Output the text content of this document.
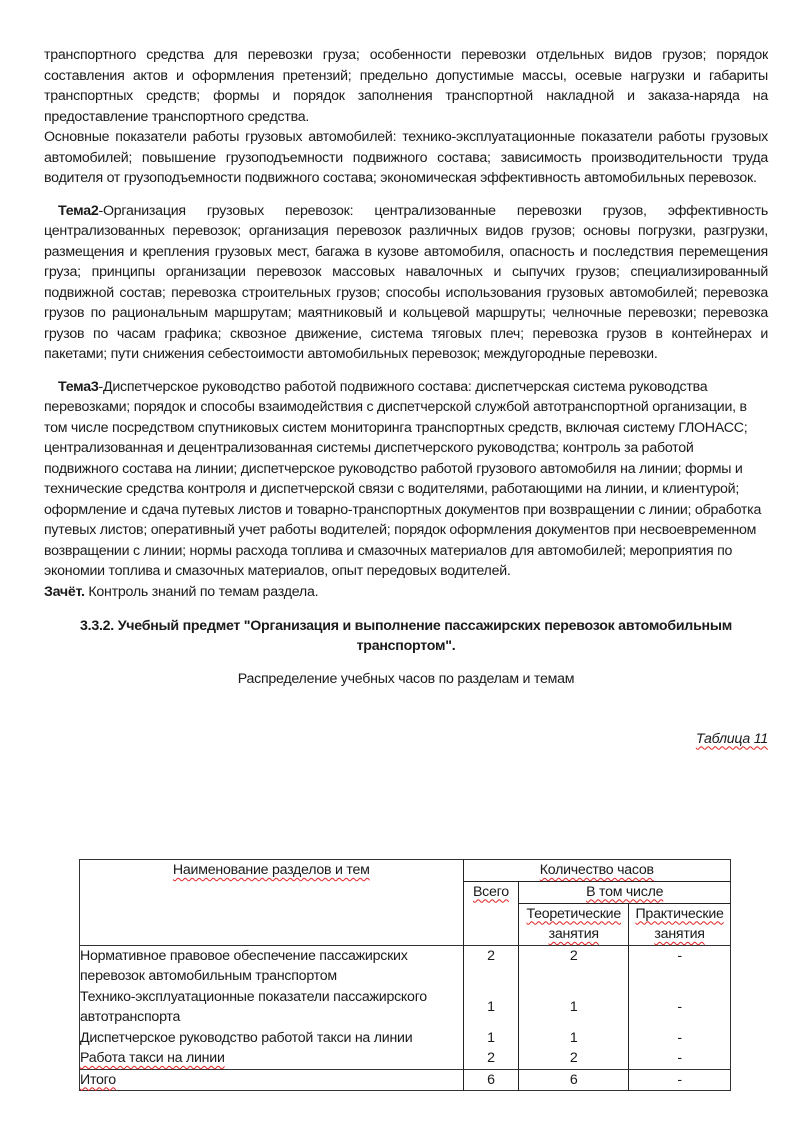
транспортного средства для перевозки груза; особенности перевозки отдельных видов грузов; порядок составления актов и оформления претензий; предельно допустимые массы, осевые нагрузки и габариты транспортных средств; формы и порядок заполнения транспортной накладной и заказа-наряда на предоставление транспортного средства.

Основные показатели работы грузовых автомобилей: технико-эксплуатационные показатели работы грузовых автомобилей; повышение грузоподъемности подвижного состава; зависимость производительности труда водителя от грузоподъемности подвижного состава; экономическая эффективность автомобильных перевозок.

Тема2-Организация грузовых перевозок: централизованные перевозки грузов, эффективность централизованных перевозок; организация перевозок различных видов грузов; основы погрузки, разгрузки, размещения и крепления грузовых мест, багажа в кузове автомобиля, опасность и последствия перемещения груза; принципы организации перевозок массовых навалочных и сыпучих грузов; специализированный подвижной состав; перевозка строительных грузов; способы использования грузовых автомобилей; перевозка грузов по рациональным маршрутам; маятниковый и кольцевой маршруты; челночные перевозки; перевозка грузов по часам графика; сквозное движение, система тяговых плеч; перевозка грузов в контейнерах и пакетами; пути снижения себестоимости автомобильных перевозок; междугородные перевозки.

Тема3-Диспетчерское руководство работой подвижного состава: диспетчерская система руководства перевозками; порядок и способы взаимодействия с диспетчерской службой автотранспортной организации, в том числе посредством спутниковых систем мониторинга транспортных средств, включая систему ГЛОНАСС; централизованная и децентрализованная системы диспетчерского руководства; контроль за работой подвижного состава на линии; диспетчерское руководство работой грузового автомобиля на линии; формы и технические средства контроля и диспетчерской связи с водителями, работающими на линии, и клиентурой; оформление и сдача путевых листов и товарно-транспортных документов при возвращении с линии; обработка путевых листов; оперативный учет работы водителей; порядок оформления документов при несвоевременном возвращении с линии; нормы расхода топлива и смазочных материалов для автомобилей; мероприятия по экономии топлива и смазочных материалов, опыт передовых водителей.

Зачёт. Контроль знаний по темам раздела.

3.3.2. Учебный предмет "Организация и выполнение пассажирских перевозок автомобильным транспортом".

Распределение учебных часов по разделам и темам

Таблица 11

Наименование разделов и тем	Количество часов		
	Всего	В том числе	
		Теоретические занятия	Практические занятия
Нормативное правовое обеспечение пассажирских перевозок автомобильным транспортом	2	2	-
Технико-эксплуатационные показатели пассажирского автотранспорта	1	1	-
Диспетчерское руководство работой такси на линии	1	1	-
Работа такси на линии	2	2	-
Итого	6	6	-
